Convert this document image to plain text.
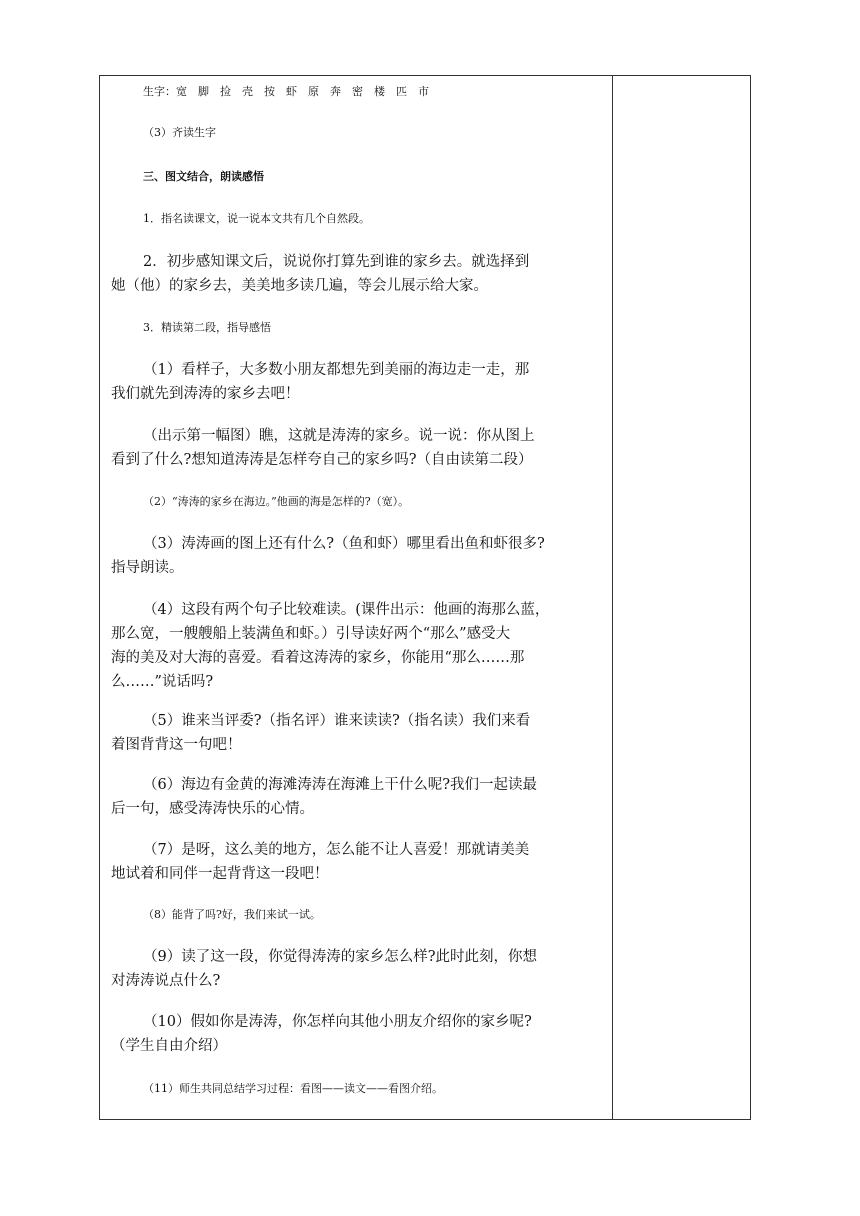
生字：宽　脚　捡　壳　按　虾　原　奔　密　楼　匹　市
（3）齐读生字
三、图文结合，朗读感悟
1．指名读课文，说一说本文共有几个自然段。
2．初步感知课文后，说说你打算先到谁的家乡去。就选择到
她（他）的家乡去，美美地多读几遍，等会儿展示给大家。
3．精读第二段，指导感悟
（1）看样子，大多数小朋友都想先到美丽的海边走一走，那
我们就先到涛涛的家乡去吧！
（出示第一幅图）瞧，这就是涛涛的家乡。说一说：你从图上
看到了什么?想知道涛涛是怎样夸自己的家乡吗?（自由读第二段）
（2）“涛涛的家乡在海边。”他画的海是怎样的?（宽）。
（3）涛涛画的图上还有什么?（鱼和虾）哪里看出鱼和虾很多?
指导朗读。
（4）这段有两个句子比较难读。(课件出示：他画的海那么蓝，
那么宽，一艘艘船上装满鱼和虾。）引导读好两个“那么”感受大
海的美及对大海的喜爱。看着这涛涛的家乡，你能用“那么……那
么……”说话吗?
（5）谁来当评委?（指名评）谁来读读?（指名读）我们来看
着图背背这一句吧！
（6）海边有金黄的海滩涛涛在海滩上干什么呢?我们一起读最
后一句，感受涛涛快乐的心情。
（7）是呀，这么美的地方，怎么能不让人喜爱！那就请美美
地试着和同伴一起背背这一段吧！
（8）能背了吗?好，我们来试一试。
（9）读了这一段，你觉得涛涛的家乡怎么样?此时此刻，你想
对涛涛说点什么?
（10）假如你是涛涛，你怎样向其他小朋友介绍你的家乡呢?
（学生自由介绍）
（11）师生共同总结学习过程：看图——读文——看图介绍。
